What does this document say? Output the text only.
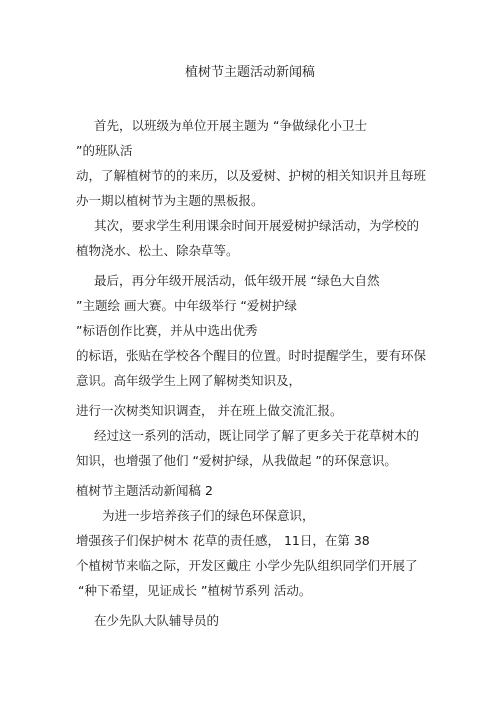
植树节主题活动新闻稿
首先，以班级为单位开展主题为 “争做绿化小卫士
”的班队活
动，了解植树节的的来历，以及爱树、护树的相关知识并且每班
办一期以植树节为主题的黑板报。
其次，要求学生利用课余时间开展爱树护绿活动，为学校的
植物浇水、松土、除杂草等。
最后，再分年级开展活动，低年级开展 “绿色大自然
”主题绘 画大赛。中年级举行 “爱树护绿
”标语创作比赛，并从中选出优秀
的标语，张贴在学校各个醒目的位置。时时提醒学生，要有环保
意识。高年级学生上网了解树类知识及，
进行一次树类知识调查， 并在班上做交流汇报。
经过这一系列的活动，既让同学了解了更多关于花草树木的
知识，也增强了他们 “爱树护绿，从我做起 ”的环保意识。
植树节主题活动新闻稿 2
为进一步培养孩子们的绿色环保意识，
增强孩子们保护树木 花草的责任感， 11日，在第 38
个植树节来临之际，开发区戴庄 小学少先队组织同学们开展了
“种下希望，见证成长 ”植树节系列 活动。
在少先队大队辅导员的
